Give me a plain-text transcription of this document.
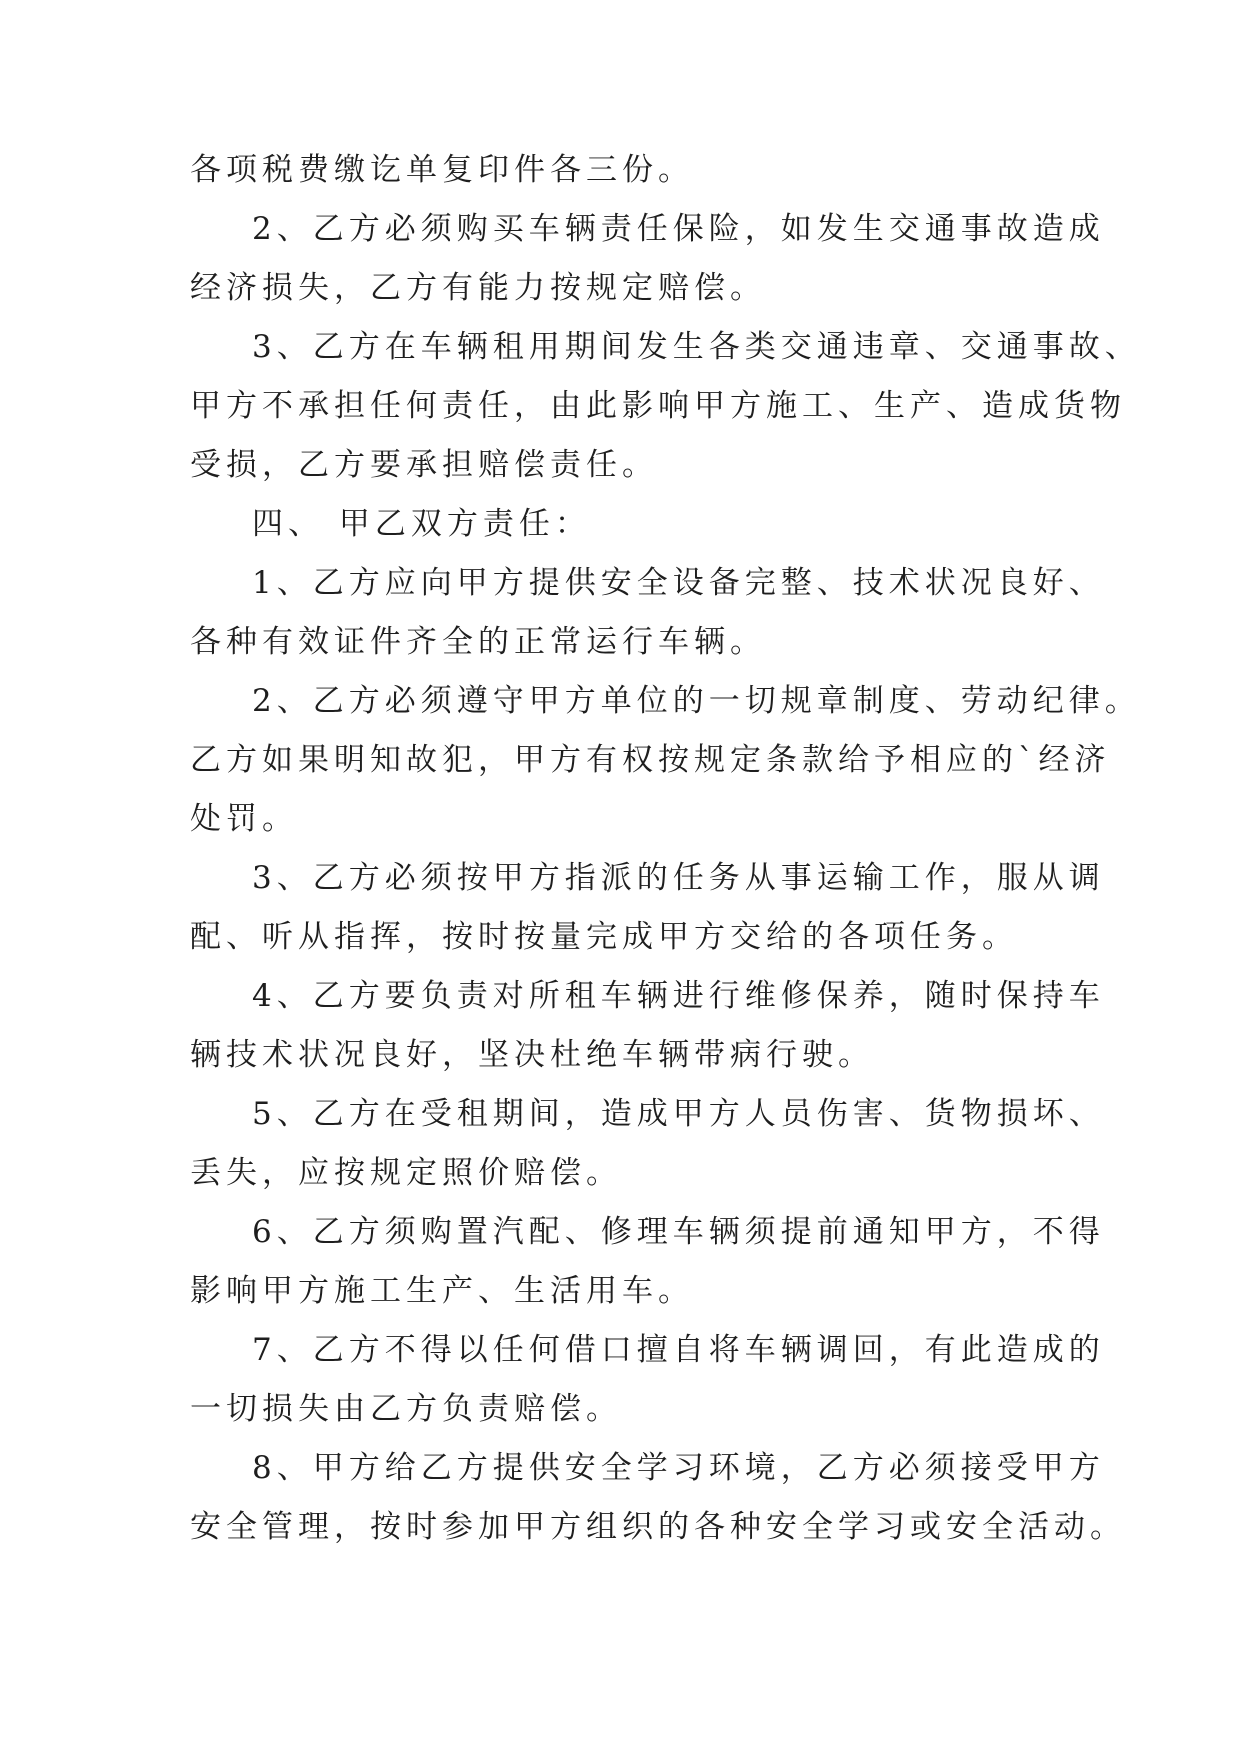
各项税费缴讫单复印件各三份。
2、乙方必须购买车辆责任保险，如发生交通事故造成
经济损失，乙方有能力按规定赔偿。
3、乙方在车辆租用期间发生各类交通违章、交通事故、
甲方不承担任何责任，由此影响甲方施工、生产、造成货物
受损，乙方要承担赔偿责任。
四、 甲乙双方责任：
1、乙方应向甲方提供安全设备完整、技术状况良好、
各种有效证件齐全的正常运行车辆。
2、乙方必须遵守甲方单位的一切规章制度、劳动纪律。
乙方如果明知故犯，甲方有权按规定条款给予相应的`经济
处罚。
3、乙方必须按甲方指派的任务从事运输工作，服从调
配、听从指挥，按时按量完成甲方交给的各项任务。
4、乙方要负责对所租车辆进行维修保养，随时保持车
辆技术状况良好，坚决杜绝车辆带病行驶。
5、乙方在受租期间，造成甲方人员伤害、货物损坏、
丢失，应按规定照价赔偿。
6、乙方须购置汽配、修理车辆须提前通知甲方，不得
影响甲方施工生产、生活用车。
7、乙方不得以任何借口擅自将车辆调回，有此造成的
一切损失由乙方负责赔偿。
8、甲方给乙方提供安全学习环境，乙方必须接受甲方
安全管理，按时参加甲方组织的各种安全学习或安全活动。
